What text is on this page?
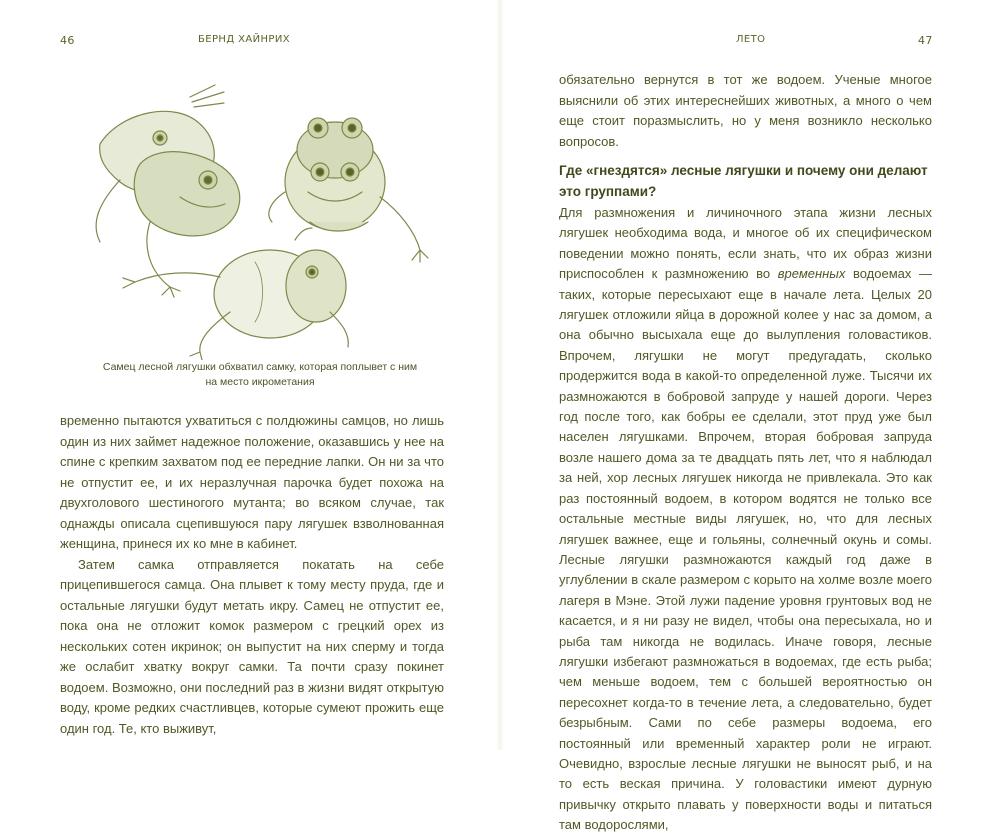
46	БЕРНД ХАЙНРИХ
Самец лесной лягушки обхватил самку, которая поплывет с ним на место икрометания

временно пытаются ухватиться с полдюжины самцов, но лишь один из них займет надежное положение, оказавшись у нее на спине с крепким захватом под ее передние лапки. Он ни за что не отпустит ее, и их неразлучная парочка будет похожа на двухголового шестиногого мутанта; во всяком случае, так однажды описала сцепившуюся пару лягушек взволнованная женщина, принеся их ко мне в кабинет.

Затем самка отправляется покатать на себе прицепившегося самца. Она плывет к тому месту пруда, где и остальные лягушки будут метать икру. Самец не отпустит ее, пока она не отложит комок размером с грецкий орех из нескольких сотен икринок; он выпустит на них сперму и тогда же ослабит хватку вокруг самки. Та почти сразу покинет водоем. Возможно, они последний раз в жизни видят открытую воду, кроме редких счастливцев, которые сумеют прожить еще один год. Те, кто выживут,

ЛЕТО	47
обязательно вернутся в тот же водоем. Ученые многое выяснили об этих интереснейших животных, а много о чем еще стоит поразмыслить, но у меня возникло несколько вопросов.
Где «гнездятся» лесные лягушки и почему они делают это группами?
Для размножения и личиночного этапа жизни лесных лягушек необходима вода, и многое об их специфическом поведении можно понять, если знать, что их образ жизни приспособлен к размножению во временных водоемах — таких, которые пересыхают еще в начале лета. Целых 20 лягушек отложили яйца в дорожной колее у нас за домом, а она обычно высыхала еще до вылупления головастиков. Впрочем, лягушки не могут предугадать, сколько продержится вода в какой-то определенной луже. Тысячи их размножаются в бобровой запруде у нашей дороги. Через год после того, как бобры ее сделали, этот пруд уже был населен лягушками. Впрочем, вторая бобровая запруда возле нашего дома за те двадцать пять лет, что я наблюдал за ней, хор лесных лягушек никогда не привлекала. Это как раз постоянный водоем, в котором водятся не только все остальные местные виды лягушек, но, что для лесных лягушек важнее, еще и гольяны, солнечный окунь и сомы. Лесные лягушки размножаются каждый год даже в углублении в скале размером с корыто на холме возле моего лагеря в Мэне. Этой лужи падение уровня грунтовых вод не касается, и я ни разу не видел, чтобы она пересыхала, но и рыба там никогда не водилась. Иначе говоря, лесные лягушки избегают размножаться в водоемах, где есть рыба; чем меньше водоем, тем с большей вероятностью он пересохнет когда-то в течение лета, а следовательно, будет безрыбным. Сами по себе размеры водоема, его постоянный или временный характер роли не играют. Очевидно, взрослые лесные лягушки не выносят рыб, и на то есть веская причина. У головастики имеют дурную привычку открыто плавать у поверхности воды и питаться там водорослями,
